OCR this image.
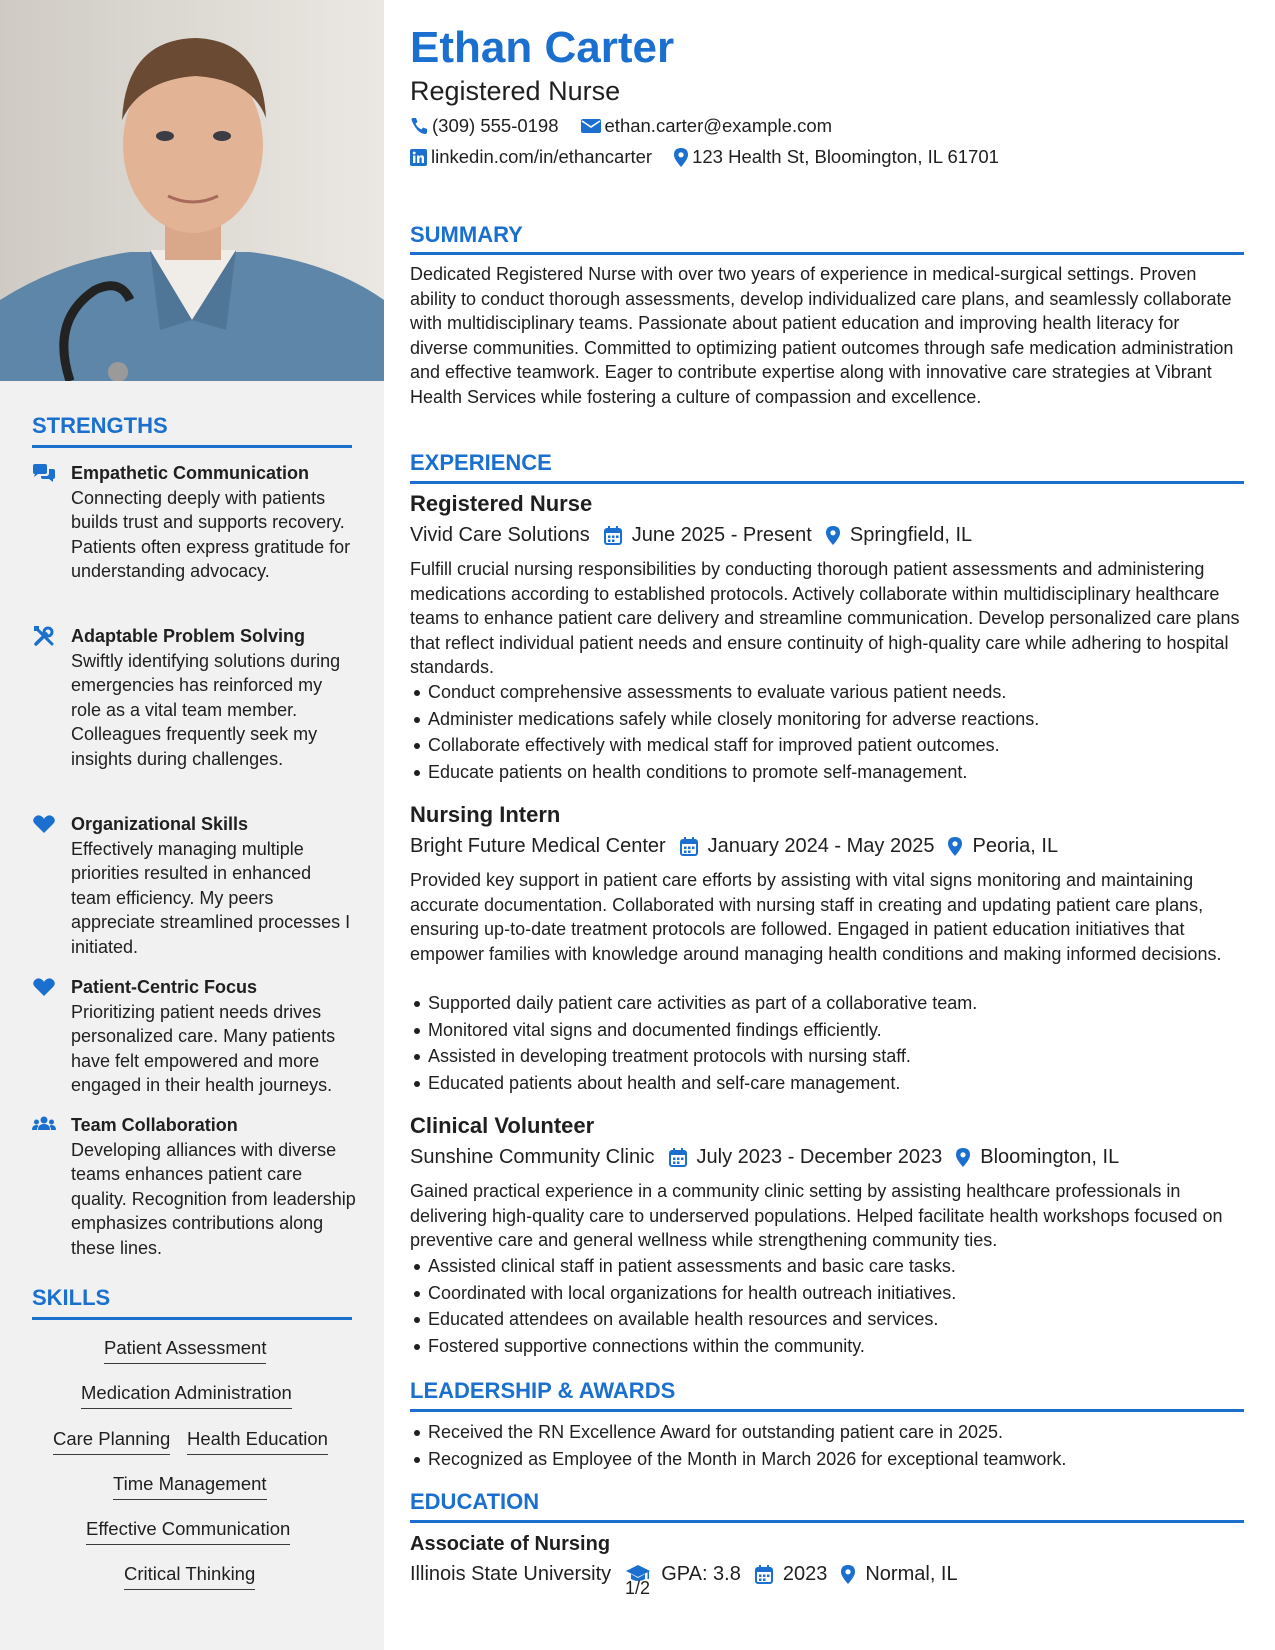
STRENGTHS
Empathetic Communication

Connecting deeply with patients builds trust and supports recovery. Patients often express gratitude for understanding advocacy.

Adaptable Problem Solving

Swiftly identifying solutions during emergencies has reinforced my role as a vital team member. Colleagues frequently seek my insights during challenges.

Organizational Skills

Effectively managing multiple priorities resulted in enhanced team efficiency. My peers appreciate streamlined processes I initiated.

Patient-Centric Focus

Prioritizing patient needs drives personalized care. Many patients have felt empowered and more engaged in their health journeys.

Team Collaboration

Developing alliances with diverse teams enhances patient care quality. Recognition from leadership emphasizes contributions along these lines.

SKILLS
Patient Assessment
Medication Administration
Care Planning Health Education
Time Management
Effective Communication
Critical Thinking
Ethan Carter
Registered Nurse
(309) 555-0198 ethan.carter@example.com
linkedin.com/in/ethancarter 123 Health St, Bloomington, IL 61701
SUMMARY

Dedicated Registered Nurse with over two years of experience in medical-surgical settings. Proven ability to conduct thorough assessments, develop individualized care plans, and seamlessly collaborate with multidisciplinary teams. Passionate about patient education and improving health literacy for diverse communities. Committed to optimizing patient outcomes through safe medication administration and effective teamwork. Eager to contribute expertise along with innovative care strategies at Vibrant Health Services while fostering a culture of compassion and excellence.

EXPERIENCE
Registered Nurse
Vivid Care Solutions June 2025 - Present Springfield, IL

Fulfill crucial nursing responsibilities by conducting thorough patient assessments and administering medications according to established protocols. Actively collaborate within multidisciplinary healthcare teams to enhance patient care delivery and streamline communication. Develop personalized care plans that reflect individual patient needs and ensure continuity of high-quality care while adhering to hospital standards.

Conduct comprehensive assessments to evaluate various patient needs.
Administer medications safely while closely monitoring for adverse reactions.
Collaborate effectively with medical staff for improved patient outcomes.
Educate patients on health conditions to promote self-management.
Nursing Intern
Bright Future Medical Center January 2024 - May 2025 Peoria, IL

Provided key support in patient care efforts by assisting with vital signs monitoring and maintaining accurate documentation. Collaborated with nursing staff in creating and updating patient care plans, ensuring up-to-date treatment protocols are followed. Engaged in patient education initiatives that empower families with knowledge around managing health conditions and making informed decisions.

Supported daily patient care activities as part of a collaborative team.
Monitored vital signs and documented findings efficiently.
Assisted in developing treatment protocols with nursing staff.
Educated patients about health and self-care management.
Clinical Volunteer
Sunshine Community Clinic July 2023 - December 2023 Bloomington, IL

Gained practical experience in a community clinic setting by assisting healthcare professionals in delivering high-quality care to underserved populations. Helped facilitate health workshops focused on preventive care and general wellness while strengthening community ties.

Assisted clinical staff in patient assessments and basic care tasks.
Coordinated with local organizations for health outreach initiatives.
Educated attendees on available health resources and services.
Fostered supportive connections within the community.
LEADERSHIP & AWARDS
Received the RN Excellence Award for outstanding patient care in 2025.
Recognized as Employee of the Month in March 2026 for exceptional teamwork.
EDUCATION
Associate of Nursing
Illinois State University	GPA: 3.8 2023 Normal, IL
1/2
